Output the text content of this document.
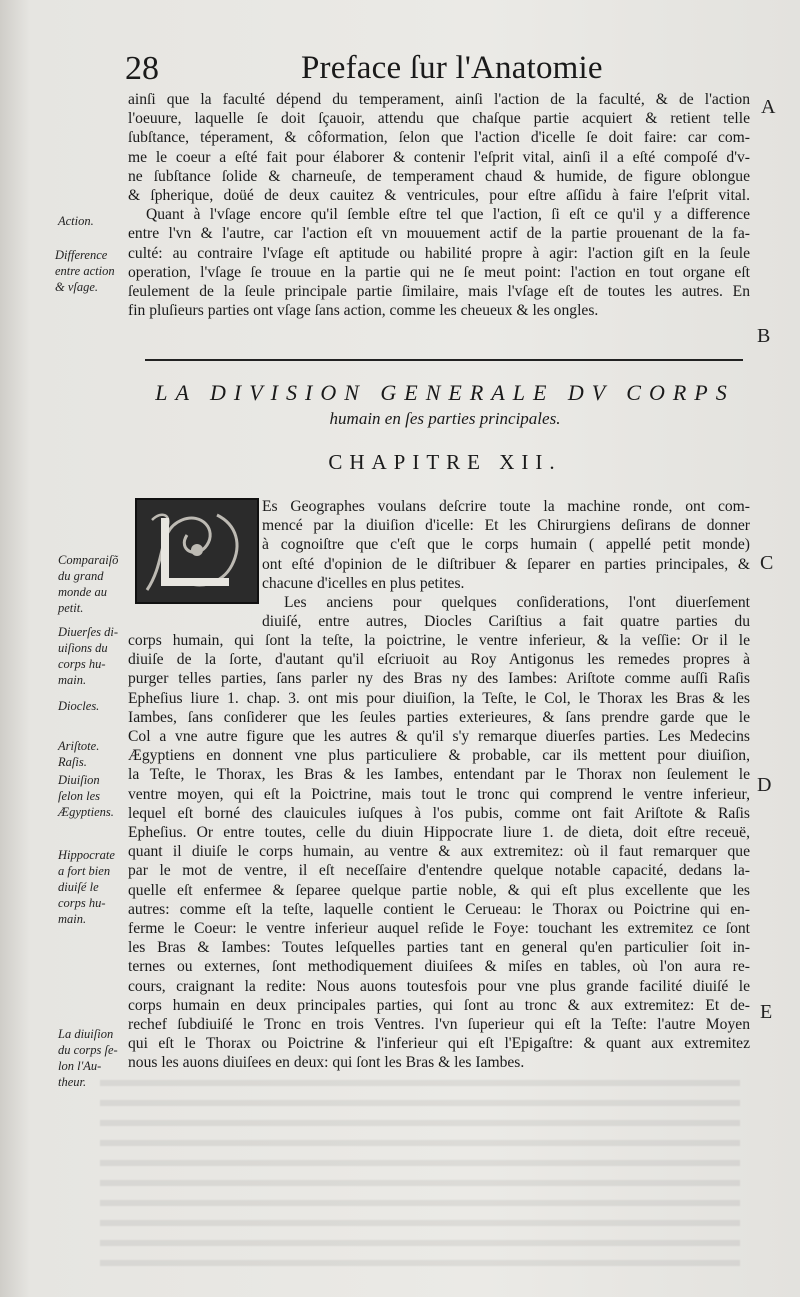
28	Preface ſur l'Anatomie
ainſi que la faculté dépend du temperament, ainſi l'action de la faculté, & de l'action
l'oeuure, laquelle ſe doit ſçauoir, attendu que chaſque partie acquiert & retient telle
ſubſtance, téperament, & côformation, ſelon que l'action d'icelle ſe doit faire: car com-
me le coeur a eſté fait pour élaborer & contenir l'eſprit vital, ainſi il a eſté compoſé d'v-
ne ſubſtance ſolide & charneuſe, de temperament chaud & humide, de figure oblongue
& ſpherique, doüé de deux cauitez & ventricules, pour eſtre aſſidu à faire l'eſprit vital.
Quant à l'vſage encore qu'il ſemble eſtre tel que l'action, ſi eſt ce qu'il y a difference
entre l'vn & l'autre, car l'action eſt vn mouuement actif de la partie prouenant de la fa-
culté: au contraire l'vſage eſt aptitude ou habilité propre à agir: l'action giſt en la ſeule
operation, l'vſage ſe trouue en la partie qui ne ſe meut point: l'action en tout organe eſt
ſeulement de la ſeule principale partie ſimilaire, mais l'vſage eſt de toutes les autres. En
fin pluſieurs parties ont vſage ſans action, comme les cheueux & les ongles.
LA DIVISION GENERALE DV CORPS
humain en ſes parties principales.
CHAPITRE XII.
Es Geographes voulans deſcrire toute la machine ronde, ont com-
mencé par la diuiſion d'icelle: Et les Chirurgiens deſirans de donner
à cognoiſtre que c'eſt que le corps humain ( appellé petit monde)
ont eſté d'opinion de le diſtribuer & ſeparer en parties principales, &
chacune d'icelles en plus petites.
Les anciens pour quelques conſiderations, l'ont diuerſement
diuiſé, entre autres, Diocles Cariſtius a fait quatre parties du
corps humain, qui ſont la teſte, la poictrine, le ventre inferieur, & la veſſie: Or il le
diuiſe de la ſorte, d'autant qu'il eſcriuoit au Roy Antigonus les remedes propres à
purger telles parties, ſans parler ny des Bras ny des Iambes: Ariſtote comme auſſi Raſis
Epheſius liure 1. chap. 3. ont mis pour diuiſion, la Teſte, le Col, le Thorax les Bras & les
Iambes, ſans conſiderer que les ſeules parties exterieures, & ſans prendre garde que le
Col a vne autre figure que les autres & qu'il s'y remarque diuerſes parties. Les Medecins
Ægyptiens en donnent vne plus particuliere & probable, car ils mettent pour diuiſion,
la Teſte, le Thorax, les Bras & les Iambes, entendant par le Thorax non ſeulement le
ventre moyen, qui eſt la Poictrine, mais tout le tronc qui comprend le ventre inferieur,
lequel eſt borné des clauicules iuſques à l'os pubis, comme ont fait Ariſtote & Raſis
Epheſius. Or entre toutes, celle du diuin Hippocrate liure 1. de dieta, doit eſtre receuë,
quant il diuiſe le corps humain, au ventre & aux extremitez: où il faut remarquer que
par le mot de ventre, il eſt neceſſaire d'entendre quelque notable capacité, dedans la-
quelle eſt enfermee & ſeparee quelque partie noble, & qui eſt plus excellente que les
autres: comme eſt la teſte, laquelle contient le Cerueau: le Thorax ou Poictrine qui en-
ferme le Coeur: le ventre inferieur auquel reſide le Foye: touchant les extremitez ce ſont
les Bras & Iambes: Toutes leſquelles parties tant en general qu'en particulier ſoit in-
ternes ou externes, ſont methodiquement diuiſees & miſes en tables, où l'on aura re-
cours, craignant la redite: Nous auons toutesfois pour vne plus grande facilité diuiſé le
corps humain en deux principales parties, qui ſont au tronc & aux extremitez: Et de-
rechef ſubdiuiſé le Tronc en trois Ventres. l'vn ſuperieur qui eſt la Teſte: l'autre Moyen
qui eſt le Thorax ou Poictrine & l'inferieur qui eſt l'Epigaſtre: & quant aux extremitez
nous les auons diuiſees en deux: qui ſont les Bras & les Iambes.
Action.
Difference
entre action
& vſage.
Comparaiſõ
du grand
monde au
petit.
Diuerſes di-
uiſions du
corps hu-
main.
Diocles.
Ariſtote.
Raſis.
Diuiſion
ſelon les
Ægyptiens.
Hippocrate
a fort bien
diuiſé le
corps hu-
main.
La diuiſion
du corps ſe-
lon l'Au-
theur.
A
B
C
D
E
